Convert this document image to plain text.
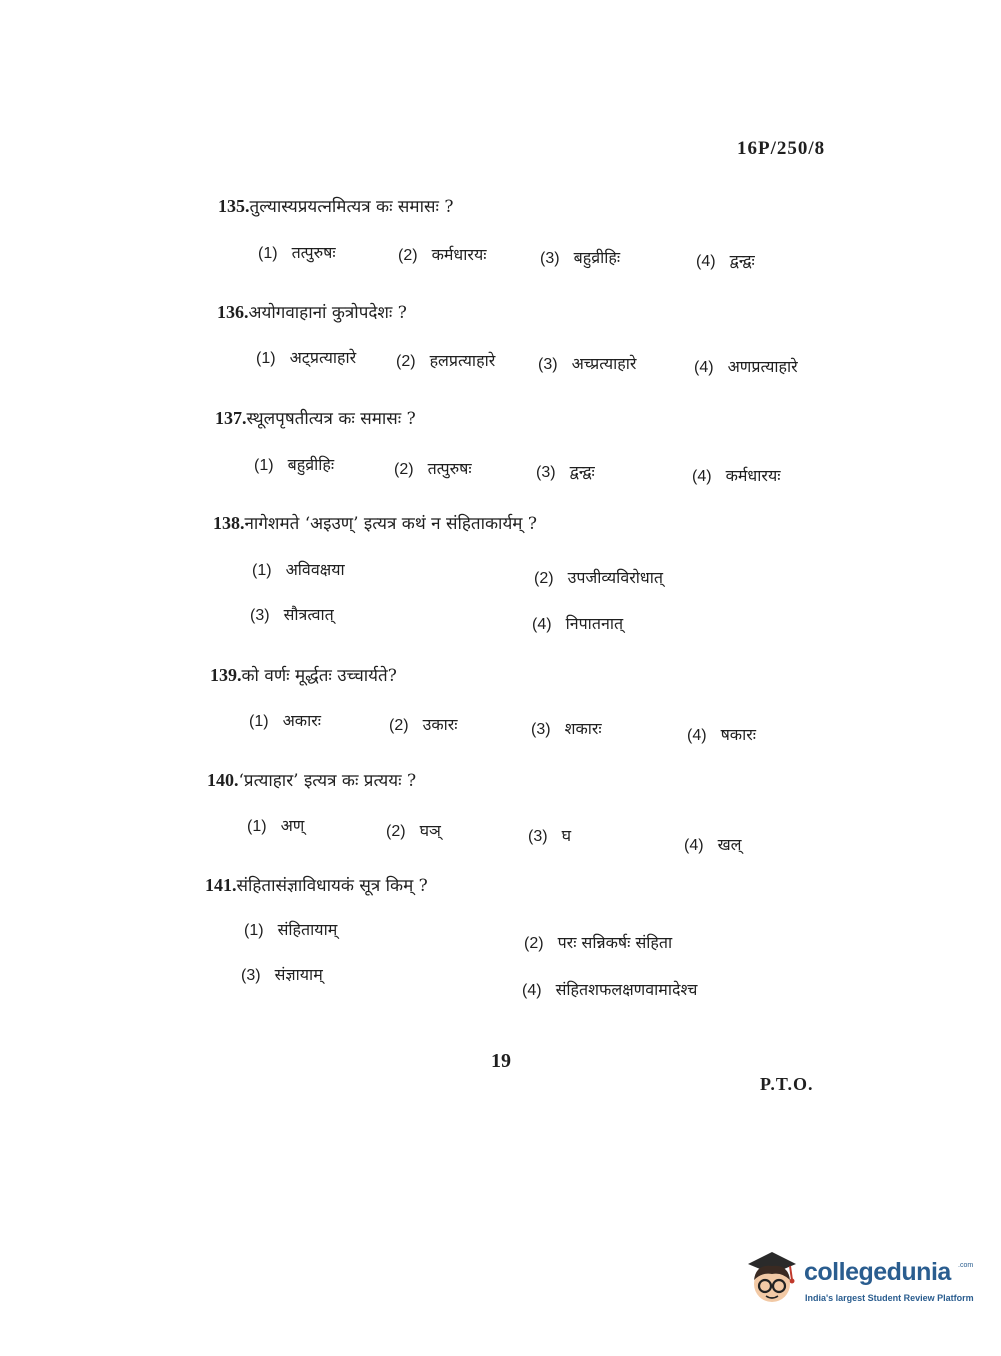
16P/250/8
135.तुल्यास्यप्रयत्नमित्यत्र कः समासः ?
(1) तत्पुरुषः	(2) कर्मधारयः	(3) बहुव्रीहिः	(4) द्वन्द्वः
136.अयोगवाहानां कुत्रोपदेशः ?
(1) अट्प्रत्याहारे (2) हलप्रत्याहारे	(3) अच्प्रत्याहारे	(4) अणप्रत्याहारे
137.स्थूलपृषतीत्यत्र कः समासः ?
(1) बहुव्रीहिः	(2) तत्पुरुषः	(3) द्वन्द्वः	(4) कर्मधारयः
138.नागेशमते ‘अइउण्’ इत्यत्र कथं न संहिताकार्यम् ?
(1) अविवक्षया	(2) उपजीव्यविरोधात्
(3) सौत्रत्वात्
(4) निपातनात्
139.को वर्णः मूर्द्धतः उच्चार्यते?
(1) अकारः	(2) उकारः	(3) शकारः	(4) षकारः
140.‘प्रत्याहार’ इत्यत्र कः प्रत्ययः ?
(1) अण्	(2) घञ्	(3) घ
(4) खल्
141.संहितासंज्ञाविधायकं सूत्र किम् ?
(1) संहितायाम्
(2) परः सन्निकर्षः संहिता
(3) संज्ञायाम्
(4) संहितशफलक्षणवामादेश्च
19
P.T.O.
collegedunia .com
India's largest Student Review Platform
